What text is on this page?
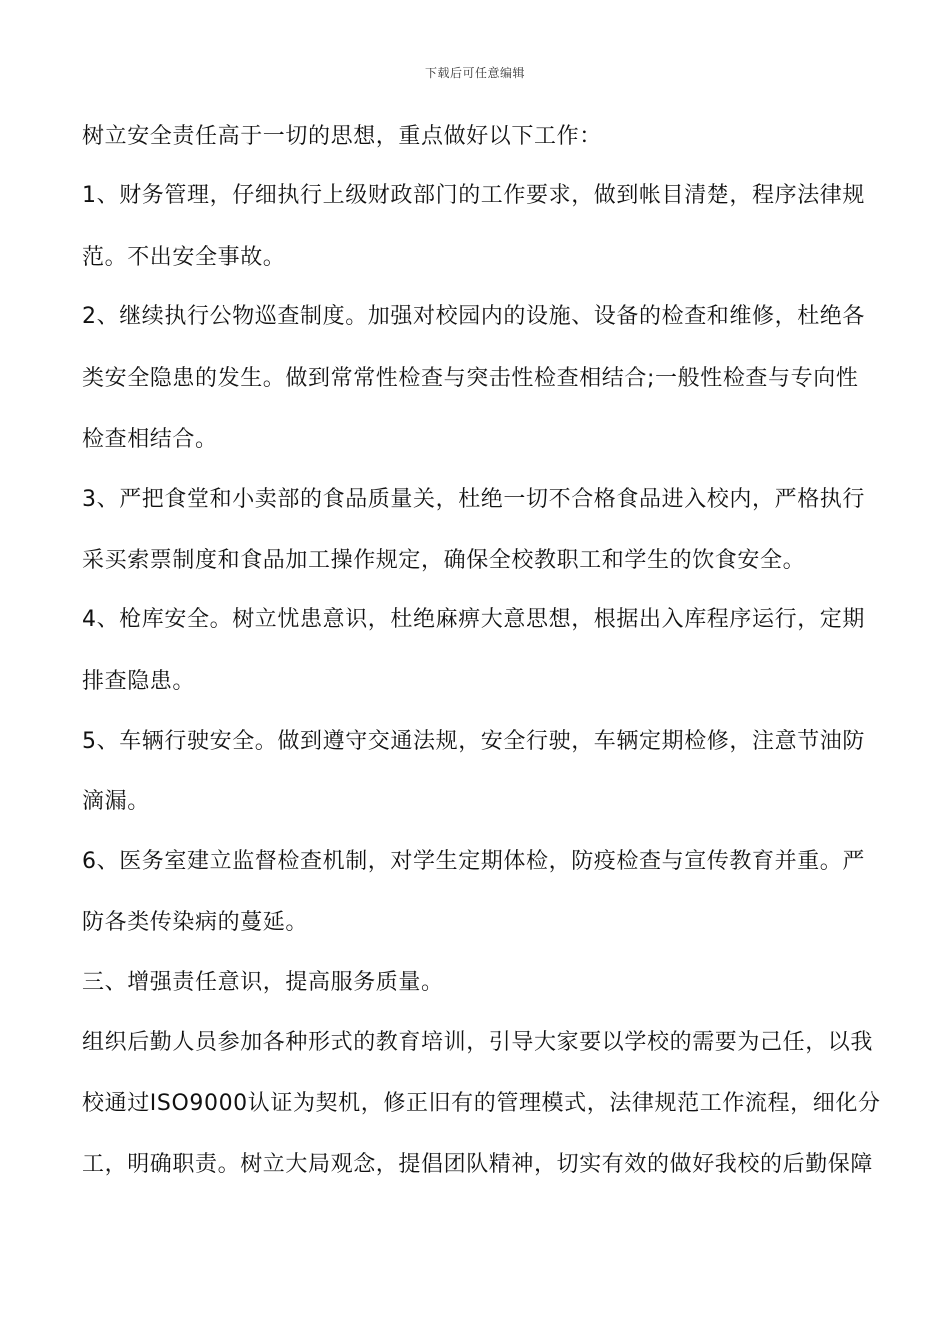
下载后可任意编辑
树立安全责任高于一切的思想，重点做好以下工作：
1、财务管理，仔细执行上级财政部门的工作要求，做到帐目清楚，程序法律规
范。不出安全事故。
2、继续执行公物巡查制度。加强对校园内的设施、设备的检查和维修，杜绝各
类安全隐患的发生。做到常常性检查与突击性检查相结合;一般性检查与专向性
检查相结合。
3、严把食堂和小卖部的食品质量关，杜绝一切不合格食品进入校内，严格执行
采买索票制度和食品加工操作规定，确保全校教职工和学生的饮食安全。
4、枪库安全。树立忧患意识，杜绝麻痹大意思想，根据出入库程序运行，定期
排查隐患。
5、车辆行驶安全。做到遵守交通法规，安全行驶，车辆定期检修，注意节油防
滴漏。
6、医务室建立监督检查机制，对学生定期体检，防疫检查与宣传教育并重。严
防各类传染病的蔓延。
三、增强责任意识，提高服务质量。
组织后勤人员参加各种形式的教育培训，引导大家要以学校的需要为己任，以我
校通过ISO9000认证为契机，修正旧有的管理模式，法律规范工作流程，细化分
工，明确职责。树立大局观念，提倡团队精神，切实有效的做好我校的后勤保障
